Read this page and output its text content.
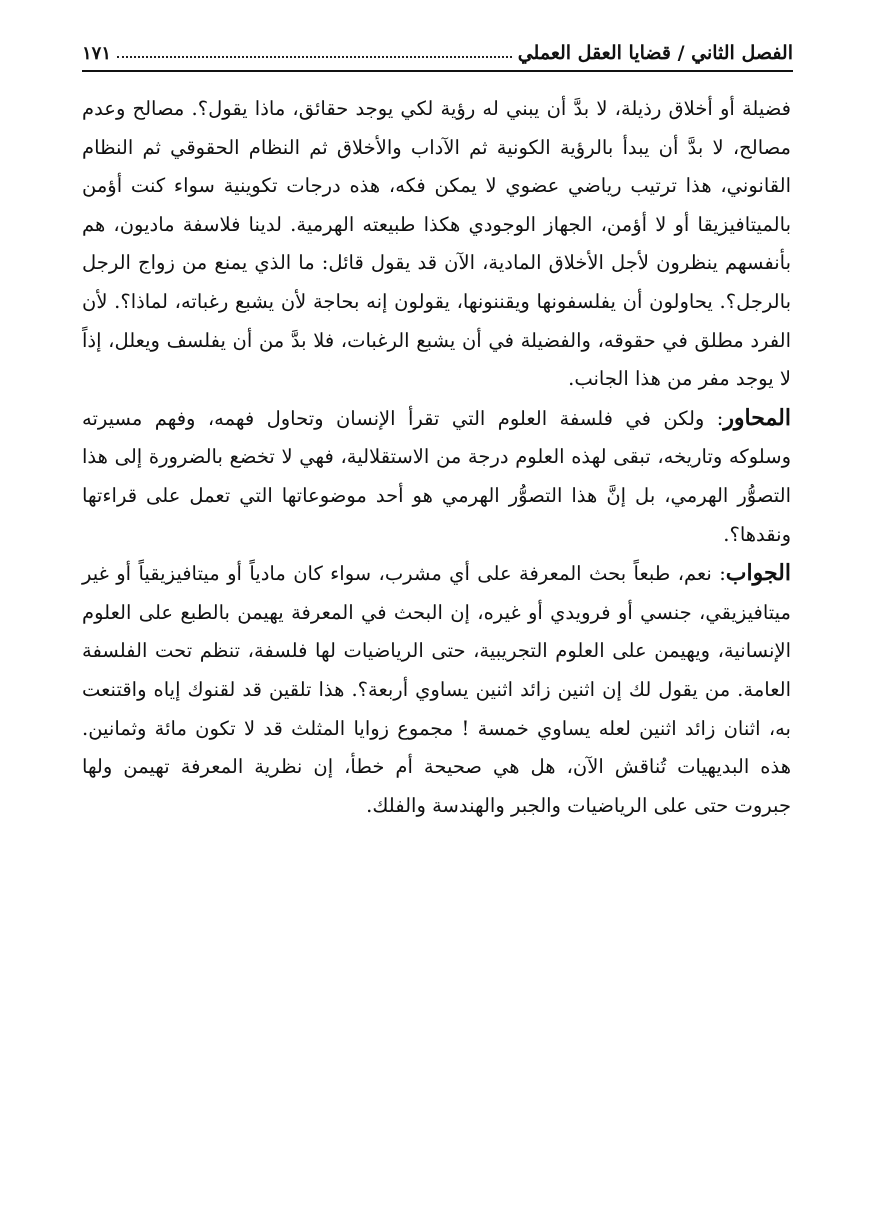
الفصل الثاني / قضايا العقل العملي
١٧١

فضيلة أو أخلاق رذيلة، لا بدَّ أن يبني له رؤية لكي يوجد حقائق، ماذا يقول؟. مصالح وعدم مصالح، لا بدَّ أن يبدأ بالرؤية الكونية ثم الآداب والأخلاق ثم النظام الحقوقي ثم النظام القانوني، هذا ترتيب رياضي عضوي لا يمكن فكه، هذه درجات تكوينية سواء كنت أؤمن بالميتافيزيقا أو لا أؤمن، الجهاز الوجودي هكذا طبيعته الهرمية. لدينا فلاسفة ماديون، هم بأنفسهم ينظرون لأجل الأخلاق المادية، الآن قد يقول قائل: ما الذي يمنع من زواج الرجل بالرجل؟. يحاولون أن يفلسفونها ويقننونها، يقولون إنه بحاجة لأن يشبع رغباته، لماذا؟. لأن الفرد مطلق في حقوقه، والفضيلة في أن يشبع الرغبات، فلا بدَّ من أن يفلسف ويعلل، إذاً لا يوجد مفر من هذا الجانب.

المحاور: ولكن في فلسفة العلوم التي تقرأ الإنسان وتحاول فهمه، وفهم مسيرته وسلوكه وتاريخه، تبقى لهذه العلوم درجة من الاستقلالية، فهي لا تخضع بالضرورة إلى هذا التصوُّر الهرمي، بل إنَّ هذا التصوُّر الهرمي هو أحد موضوعاتها التي تعمل على قراءتها ونقدها؟.

الجواب: نعم، طبعاً بحث المعرفة على أي مشرب، سواء كان مادياً أو ميتافيزيقياً أو غير ميتافيزيقي، جنسي أو فرويدي أو غيره، إن البحث في المعرفة يهيمن بالطبع على العلوم الإنسانية، ويهيمن على العلوم التجريبية، حتى الرياضيات لها فلسفة، تنظم تحت الفلسفة العامة. من يقول لك إن اثنين زائد اثنين يساوي أربعة؟. هذا تلقين قد لقنوك إياه واقتنعت به، اثنان زائد اثنين لعله يساوي خمسة ! مجموع زوايا المثلث قد لا تكون مائة وثمانين. هذه البديهيات تُناقش الآن، هل هي صحيحة أم خطأ، إن نظرية المعرفة تهيمن ولها جبروت حتى على الرياضيات والجبر والهندسة والفلك.
